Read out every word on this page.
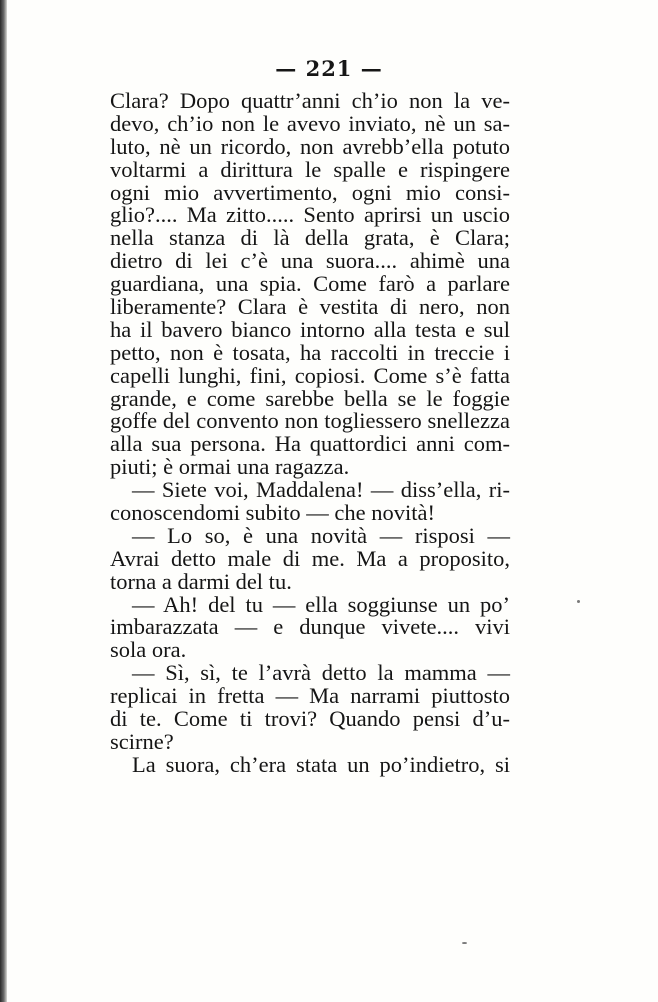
— 221 —
Clara? Dopo quattr’anni ch’io non la ve-
devo, ch’io non le avevo inviato, nè un sa-
luto, nè un ricordo, non avrebb’ella potuto
voltarmi a dirittura le spalle e rispingere
ogni mio avvertimento, ogni mio consi-
glio?.... Ma zitto..... Sento aprirsi un uscio
nella stanza di là della grata, è Clara;
dietro di lei c’è una suora.... ahimè una
guardiana, una spia. Come farò a parlare
liberamente? Clara è vestita di nero, non
ha il bavero bianco intorno alla testa e sul
petto, non è tosata, ha raccolti in treccie i
capelli lunghi, fini, copiosi. Come s’è fatta
grande, e come sarebbe bella se le foggie
goffe del convento non togliessero snellezza
alla sua persona. Ha quattordici anni com-
piuti; è ormai una ragazza.
— Siete voi, Maddalena! — diss’ella, ri-
conoscendomi subito — che novità!
— Lo so, è una novità — risposi —
Avrai detto male di me. Ma a proposito,
torna a darmi del tu.
— Ah! del tu — ella soggiunse un po’
imbarazzata — e dunque vivete.... vivi
sola ora.
— Sì, sì, te l’avrà detto la mamma —
replicai in fretta — Ma narrami piuttosto
di te. Come ti trovi? Quando pensi d’u-
scirne?
La suora, ch’era stata un po’indietro, si
